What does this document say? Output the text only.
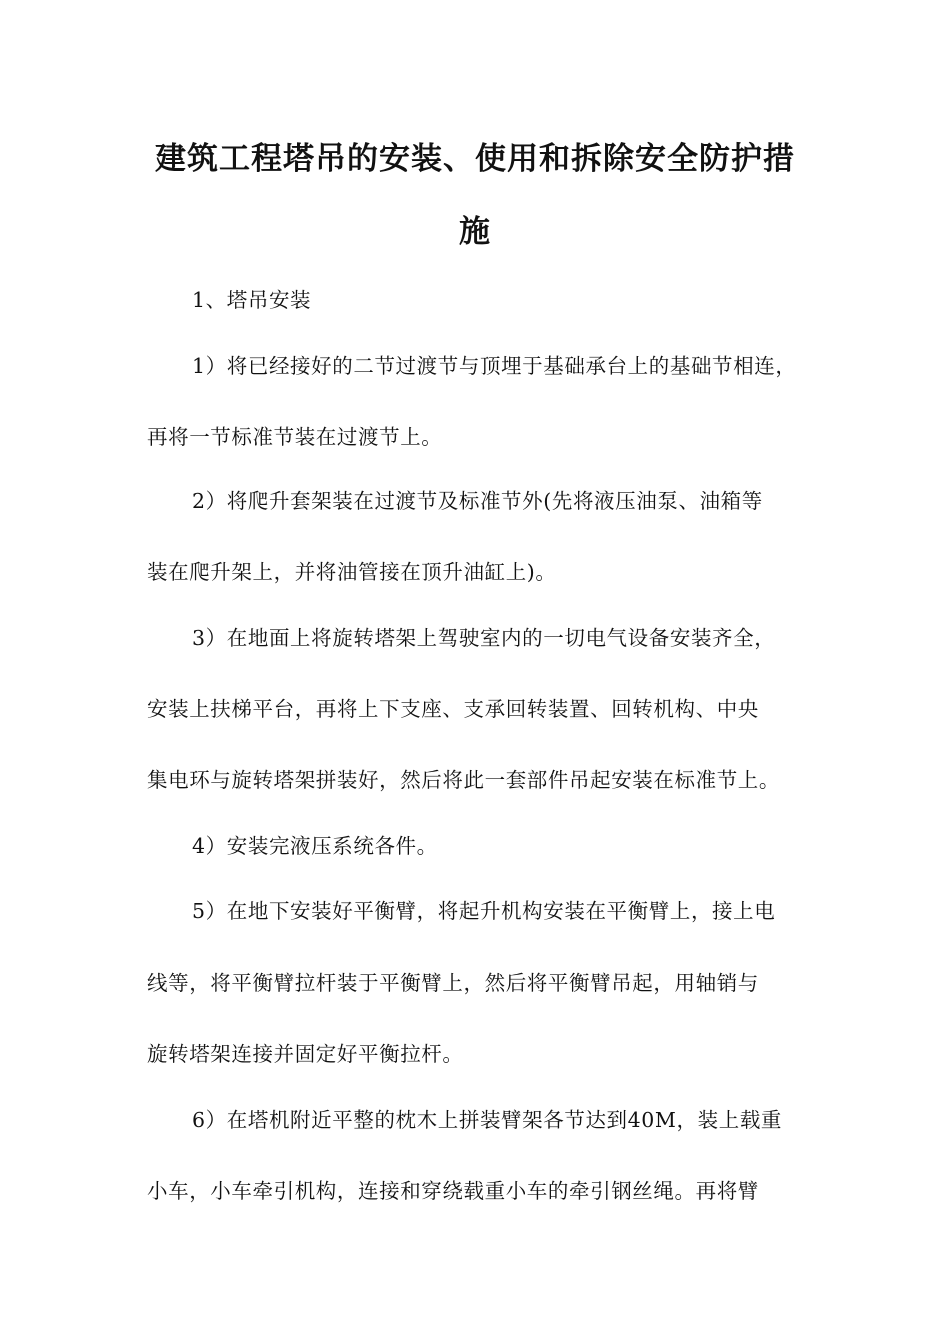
建筑工程塔吊的安装、使用和拆除安全防护措
施
1、塔吊安装
1）将已经接好的二节过渡节与顶埋于基础承台上的基础节相连，
再将一节标准节装在过渡节上。
2）将爬升套架装在过渡节及标准节外(先将液压油泵、油箱等
装在爬升架上，并将油管接在顶升油缸上)。
3）在地面上将旋转塔架上驾驶室内的一切电气设备安装齐全，
安装上扶梯平台，再将上下支座、支承回转装置、回转机构、中央
集电环与旋转塔架拼装好，然后将此一套部件吊起安装在标准节上。
4）安装完液压系统各件。
5）在地下安装好平衡臂，将起升机构安装在平衡臂上，接上电
线等，将平衡臂拉杆装于平衡臂上，然后将平衡臂吊起，用轴销与
旋转塔架连接并固定好平衡拉杆。
6）在塔机附近平整的枕木上拼装臂架各节达到40M，装上载重
小车，小车牵引机构，连接和穿绕载重小车的牵引钢丝绳。再将臂
